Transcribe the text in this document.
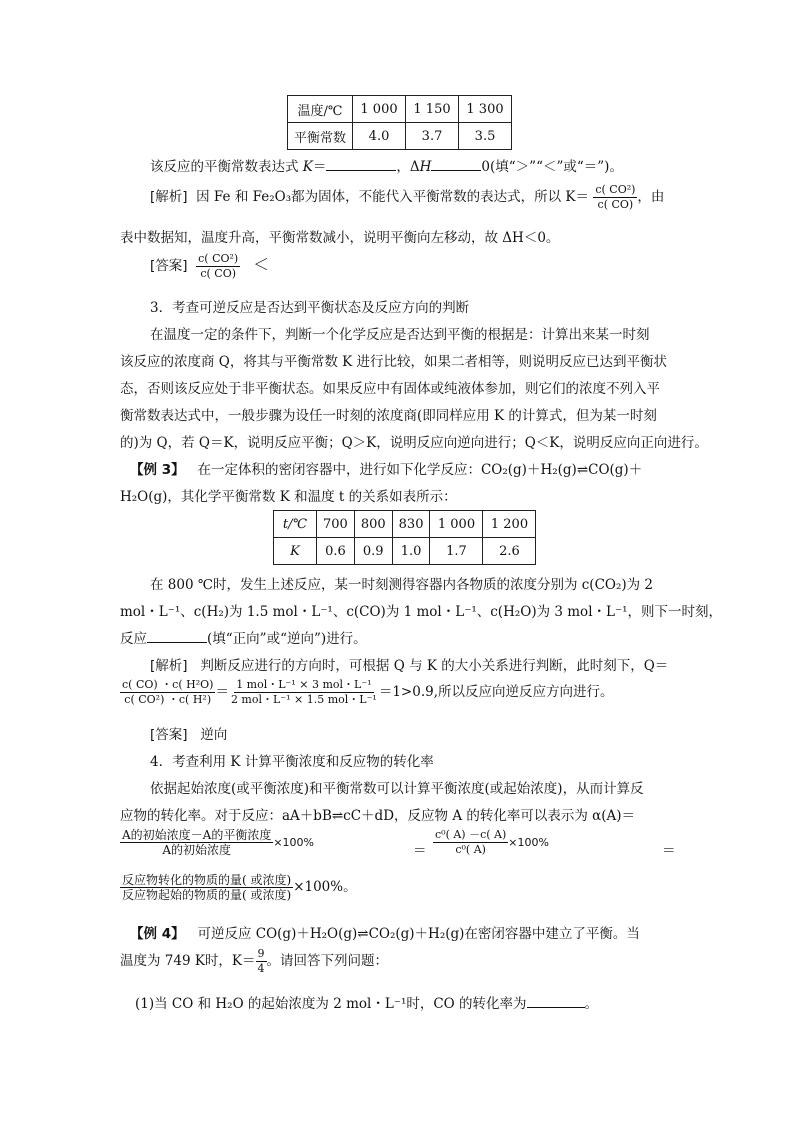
温度/℃	1 000	1 150	1 300
平衡常数	4.0	3.7	3.5
该反应的平衡常数表达式 K＝	，ΔH	0(填“＞”“＜”或“＝”)。
[解析] 因 Fe 和 Fe₂O₃都为固体，不能代入平衡常数的表达式，所以 $K= \frac{\text{c( CO²)}}{c( CO)}$ ，由
表中数据知，温度升高，平衡常数减小，说明平衡向左移动，故 ΔH＜0。
[答案] $\frac{\text{c( CO²)}}{c( CO)}$ ＜
3．考查可逆反应是否达到平衡状态及反应方向的判断
在温度一定的条件下，判断一个化学反应是否达到平衡的根据是：计算出来某一时刻
该反应的浓度商 Q，将其与平衡常数 K 进行比较，如果二者相等，则说明反应已达到平衡状
态，否则该反应处于非平衡状态。如果反应中有固体或纯液体参加，则它们的浓度不列入平
衡常数表达式中，一般步骤为设任一时刻的浓度商(即同样应用 K 的计算式，但为某一时刻
的)为 Q，若 Q＝K，说明反应平衡；Q＞K，说明反应向逆向进行；Q＜K，说明反应向正向进行。
【例 3】 在一定体积的密闭容器中，进行如下化学反应：CO₂(g)＋H₂(g)⇌CO(g)＋
H₂O(g)，其化学平衡常数 K 和温度 t 的关系如表所示：
t/℃	700	800	830	1 000	1 200
K	0.6	0.9	1.0	1.7	2.6
在 800 ℃时，发生上述反应，某一时刻测得容器内各物质的浓度分别为 c(CO₂)为 2
mol・L⁻¹、c(H₂)为 1.5 mol・L⁻¹、c(CO)为 1 mol・L⁻¹、c(H₂O)为 3 mol・L⁻¹，则下一时刻，
反应	(填“正向”或“逆向”)进行。
[解析] 判断反应进行的方向时，可根据 Q 与 K 的大小关系进行判断，此时刻下，Q＝
$\frac{\text{c( CO) ・c( H²O)}}{\text{c( CO²) ・c( H²)}} = \frac{\text{1 mol・L⁻¹ × 3 mol・L⁻¹}}{\text{2 mol・L⁻¹ × 1.5 mol・L⁻¹}} =1>0.9$,所以反应向逆反应方向进行。
[答案] 逆向
4．考查利用 K 计算平衡浓度和反应物的转化率
依据起始浓度(或平衡浓度)和平衡常数可以计算平衡浓度(或起始浓度)，从而计算反
应物的转化率。对于反应：aA＋bB⇌cC＋dD，反应物 A 的转化率可以表示为 α(A)＝
$\frac{\text{A的初始浓度－A的平衡浓度}}{\text{A的初始浓度}} \times 100\%$
＝ $\frac{\text{c⁰( A) －c( A)}}{\text{c⁰( A)}} \times 100\%$
＝
$\frac{\text{反应物转化的物质的量( 或浓度)}}{\text{反应物起始的物质的量( 或浓度)}} \times 100\%$。
【例 4】 可逆反应 CO(g)＋H₂O(g)⇌CO₂(g)＋H₂(g)在密闭容器中建立了平衡。当
温度为 749 K时，$K= \frac{9}{4}$ 。请回答下列问题：
(1)当 CO 和 H₂O 的起始浓度为 2 mol・L⁻¹时，CO 的转化率为	。
